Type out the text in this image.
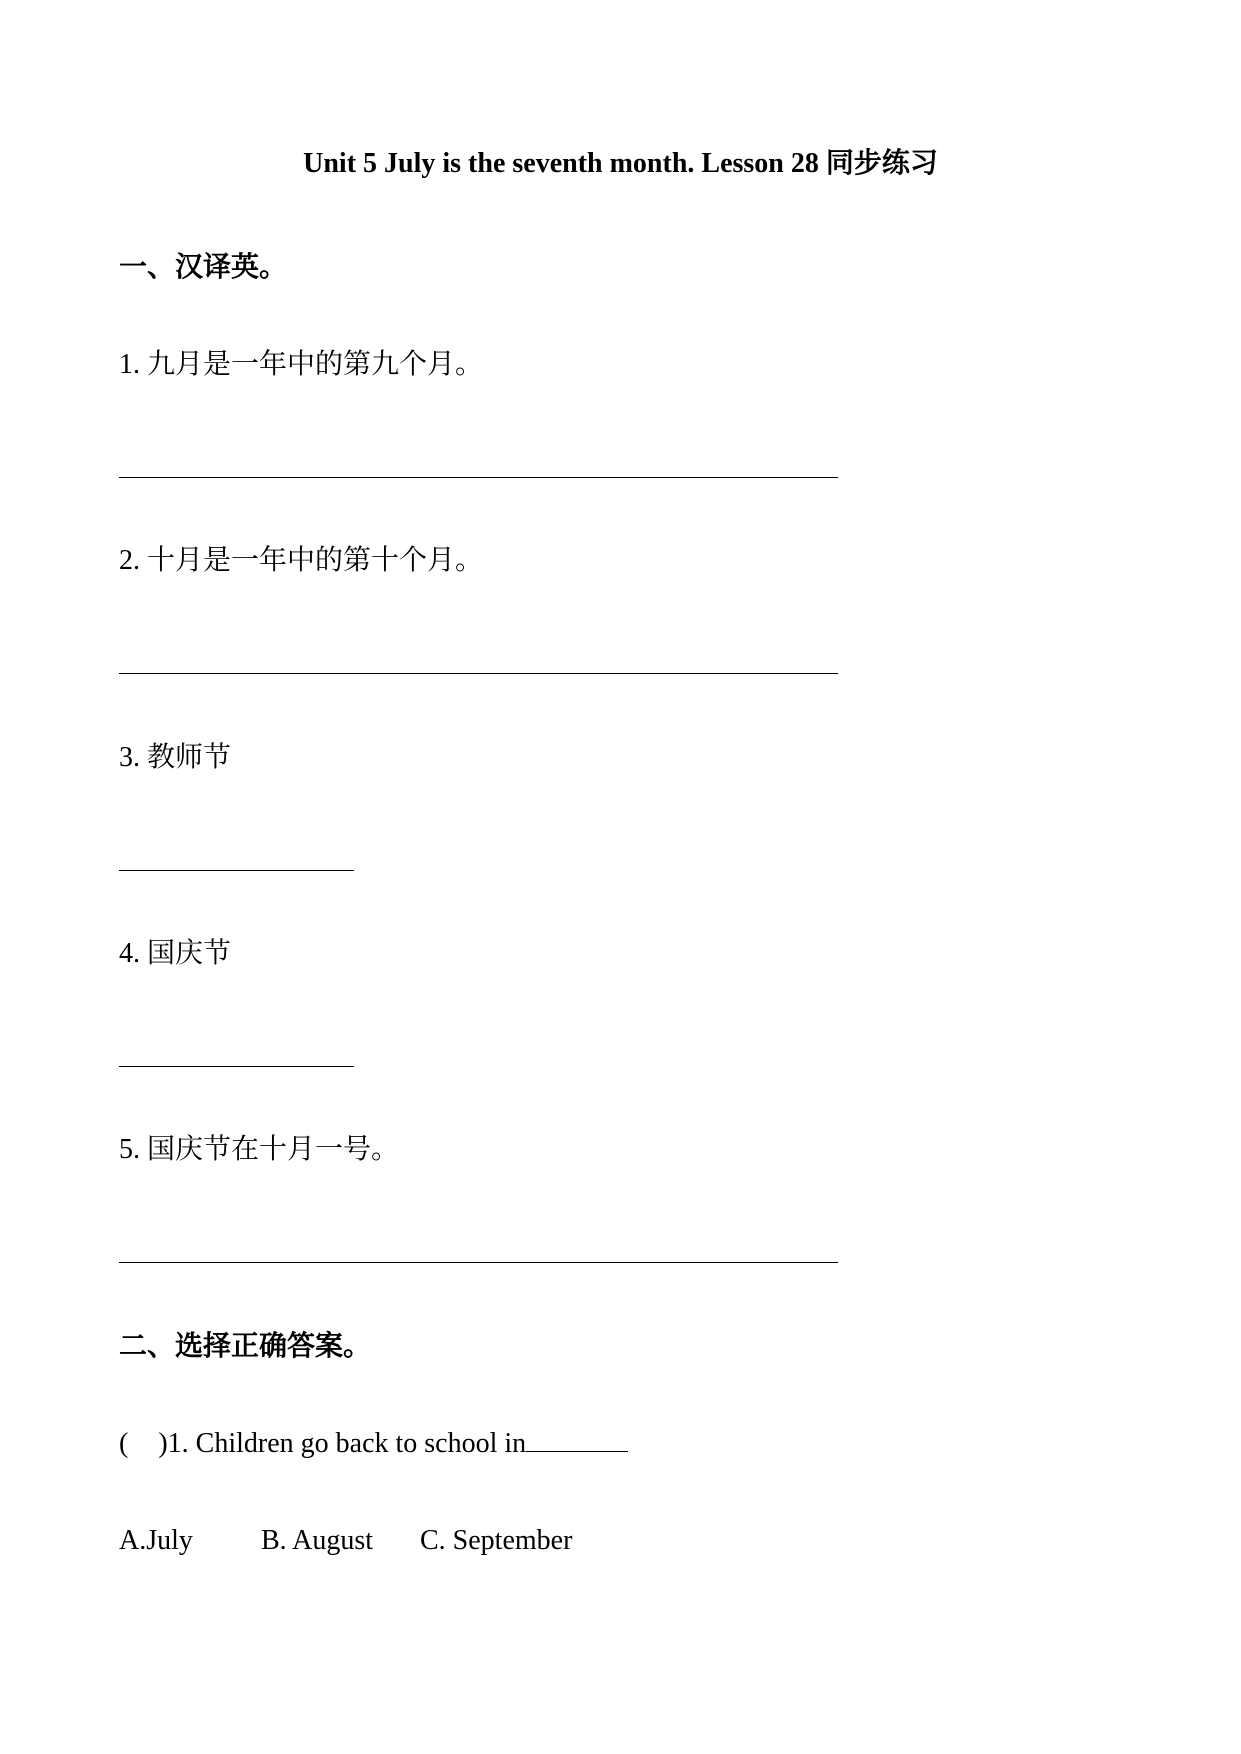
Unit 5 July is the seventh month. Lesson 28 同步练习
一、汉译英。
1. 九月是一年中的第九个月。
2. 十月是一年中的第十个月。
3. 教师节
4. 国庆节
5. 国庆节在十月一号。
二、选择正确答案。
( )1. Children go back to school in
A.July B. August C. September
